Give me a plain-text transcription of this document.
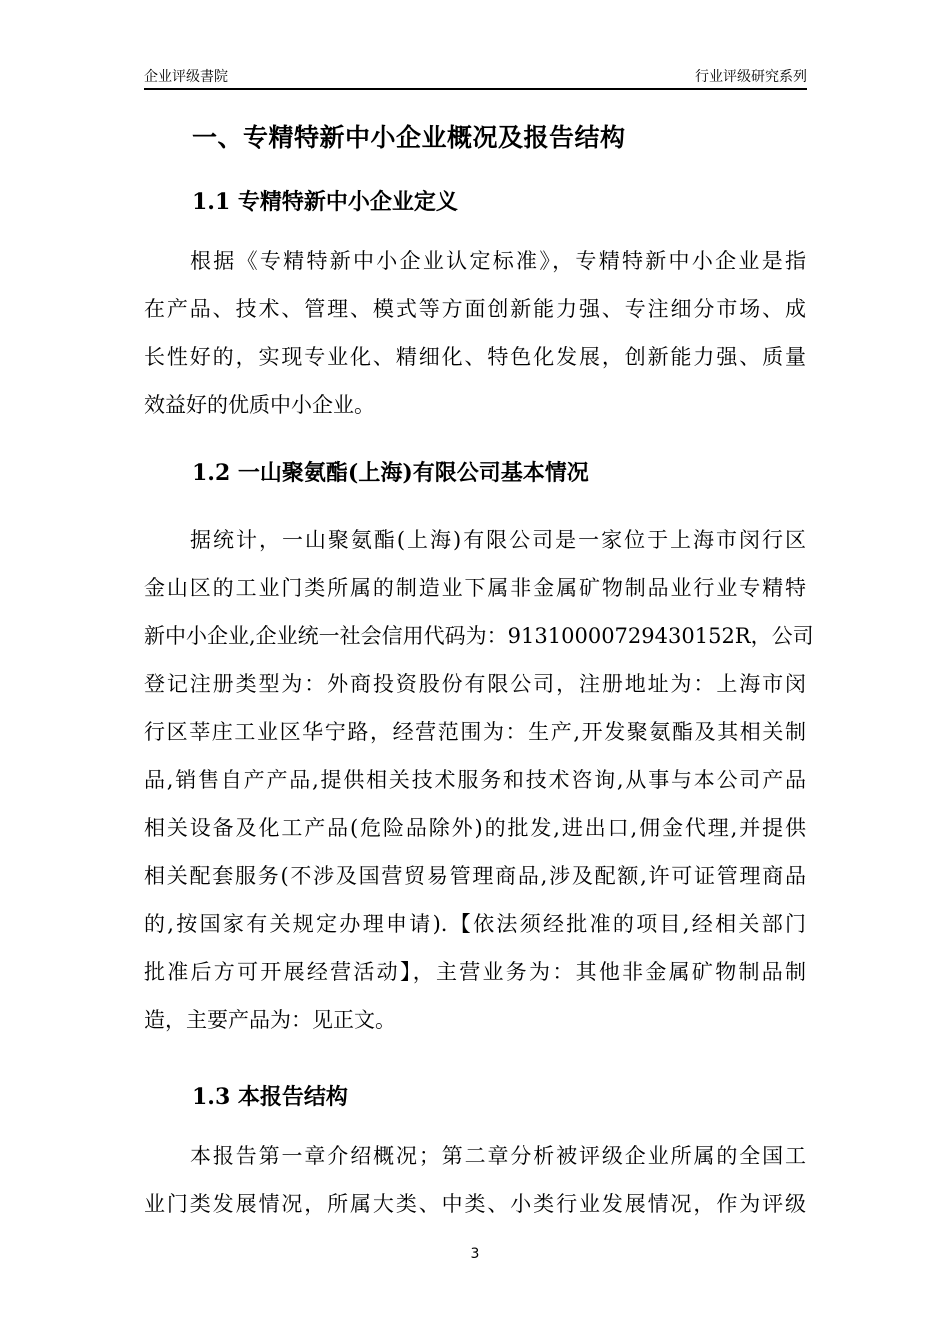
企业评级書院	行业评级研究系列
一、专精特新中小企业概况及报告结构
1.1 专精特新中小企业定义
根据《专精特新中小企业认定标准》，专精特新中小企业是指
在产品、技术、管理、模式等方面创新能力强、专注细分市场、成
长性好的，实现专业化、精细化、特色化发展，创新能力强、质量
效益好的优质中小企业。
1.2 一山聚氨酯(上海)有限公司基本情况
据统计，一山聚氨酯(上海)有限公司是一家位于上海市闵行区
金山区的工业门类所属的制造业下属非金属矿物制品业行业专精特
新中小企业,企业统一社会信用代码为：91310000729430152R，公司
登记注册类型为：外商投资股份有限公司，注册地址为：上海市闵
行区莘庄工业区华宁路，经营范围为：生产,开发聚氨酯及其相关制
品,销售自产产品,提供相关技术服务和技术咨询,从事与本公司产品
相关设备及化工产品(危险品除外)的批发,进出口,佣金代理,并提供
相关配套服务(不涉及国营贸易管理商品,涉及配额,许可证管理商品
的,按国家有关规定办理申请).【依法须经批准的项目,经相关部门
批准后方可开展经营活动】，主营业务为：其他非金属矿物制品制
造，主要产品为：见正文。
1.3 本报告结构
本报告第一章介绍概况；第二章分析被评级企业所属的全国工
业门类发展情况，所属大类、中类、小类行业发展情况，作为评级
3
